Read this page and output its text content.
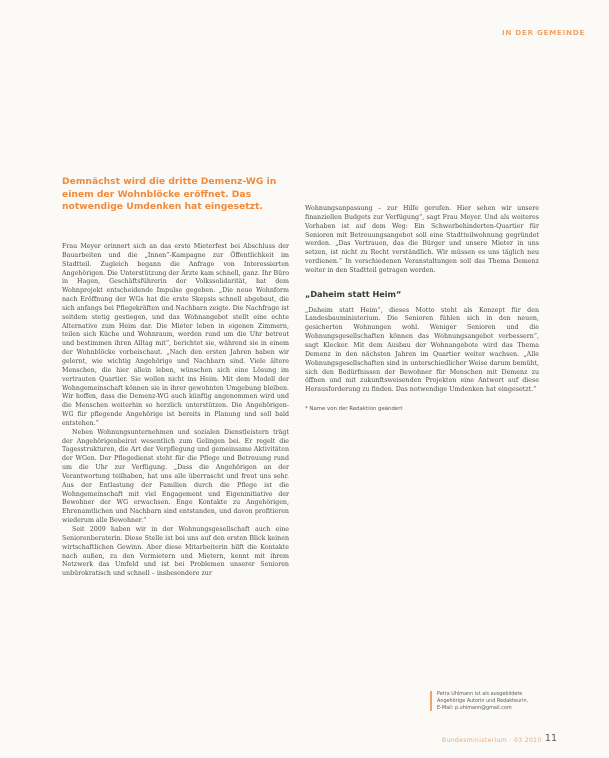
IN DER GEMEINDE
Demnächst wird die dritte Demenz-WG in einem der Wohnblöcke eröffnet. Das notwendige Umdenken hat eingesetzt.

Frau Meyer erinnert sich an das erste Mieterfest bei Abschluss der Bauarbeiten und die „Innen“-Kampagne zur Öffentlichkeit im Stadtteil. Zugleich begann die Anfrage von Interessierten Angehörigen. Die Unterstützung der Ärzte kam schnell, ganz. Ihr Büro in Hagen, Geschäftsführerin der Volkssolidarität, hat dem Wohnprojekt entscheidende Impulse gegeben. „Die neue Wohnform nach Eröffnung der WGs hat die erste Skepsis schnell abgebaut, die sich anfangs bei Pflegekräften und Nachbarn zeigte. Die Nachfrage ist seitdem stetig gestiegen, und das Wohnangebot stellt eine echte Alternative zum Heim dar. Die Mieter leben in eigenen Zimmern, teilen sich Küche und Wohnraum, werden rund um die Uhr betreut und bestimmen ihren Alltag mit“, berichtet sie, während sie in einem der Wohnblöcke vorbeischaut. „Nach den ersten Jahren haben wir gelernt, wie wichtig Angehörige und Nachbarn sind. Viele ältere Menschen, die hier allein leben, wünschen sich eine Lösung im vertrauten Quartier. Sie wollen nicht ins Heim. Mit dem Modell der Wohngemeinschaft können sie in ihrer gewohnten Umgebung bleiben. Wir hoffen, dass die Demenz-WG auch künftig angenommen wird und die Menschen weiterhin so herzlich unterstützen. Die Angehörigen-WG für pflegende Angehörige ist bereits in Planung und soll bald entstehen.“

Neben Wohnungsunternehmen und sozialen Dienstleistern trägt der Angehörigenbeirat wesentlich zum Gelingen bei. Er regelt die Tagesstrukturen, die Art der Verpflegung und gemeinsame Aktivitäten der WGen. Der Pflegedienst steht für die Pflege und Betreuung rund um die Uhr zur Verfügung. „Dass die Angehörigen an der Verantwortung teilhaben, hat uns alle überrascht und freut uns sehr. Aus der Entlastung der Familien durch die Pflege ist die Wohngemeinschaft mit viel Engagement und Eigeninitiative der Bewohner der WG erwachsen. Enge Kontakte zu Angehörigen, Ehrenamtlichen und Nachbarn sind entstanden, und davon profitieren wiederum alle Bewohner.“

Seit 2009 haben wir in der Wohnungsgesellschaft auch eine Seniorenberaterin. Diese Stelle ist bei uns auf den ersten Blick keinen wirtschaftlichen Gewinn. Aber diese Mitarbeiterin hilft die Kontakte nach außen, zu den Vermietern und Mietern, kennt mit ihrem Netzwerk das Umfeld und ist bei Problemen unserer Senioren unbürokratisch und schnell – insbesondere zur

Wohnungsanpassung – zur Hilfe gerufen. Hier sehen wir unsere finanziellen Budgets zur Verfügung“, sagt Frau Meyer. Und als weiteres Vorhaben ist auf dem Weg: Ein Schwerbehinderten-Quartier für Senioren mit Betreuungsangebot soll eine Stadtteilwohnung gegründet werden. „Das Vertrauen, das die Bürger und unsere Mieter in uns setzen, ist nicht zu Recht verständlich. Wir müssen es uns täglich neu verdienen.“ In verschiedenen Veranstaltungen soll das Thema Demenz weiter in den Stadtteil getragen werden.

„Daheim statt Heim“

„Daheim statt Heim“, dieses Motto steht als Konzept für den Landesbauministerium. Die Senioren fühlen sich in den neuen, gesicherten Wohnungen wohl. Weniger Senioren und die Wohnungsgesellschaften können das Wohnungsangebot verbessern“, sagt Klecker. Mit dem Ausbau der Wohnangebote wird das Thema Demenz in den nächsten Jahren im Quartier weiter wachsen. „Alle Wohnungsgesellschaften sind in unterschiedlicher Weise darum bemüht, sich den Bedürfnissen der Bewohner für Menschen mit Demenz zu öffnen und mit zukunftsweisenden Projekten eine Antwort auf diese Herausforderung zu finden. Das notwendige Umdenken hat eingesetzt.“

* Name von der Redaktion geändert
Petra Uhlmann ist als ausgebildete Angehörige Autorin und Redakteurin.
E-Mail: p.uhlmann@gmail.com
Bundesministerium · 03 2010 11
